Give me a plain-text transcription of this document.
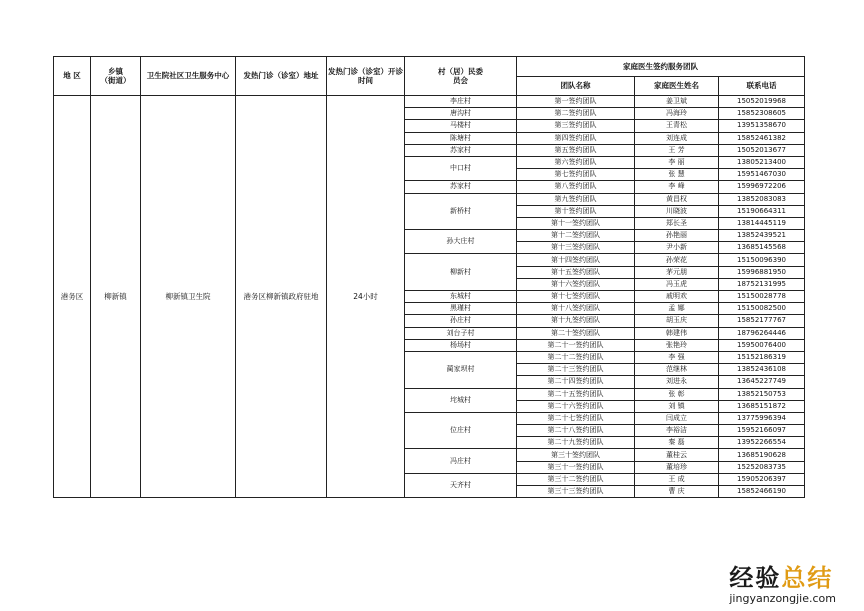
地 区	乡镇
（街道）	卫生院社区卫生服务中心	发热门诊（诊室）地址	发热门诊（诊室）开诊时间	村（居）民委员会	家庭医生签约服务团队		
						团队名称	家庭医生姓名	联系电话
港务区	柳新镇	柳新镇卫生院	港务区柳新镇政府驻地	24小时	李庄村	第一签约团队	姜卫斌	15052019968
					唐沟村	第二签约团队	冯海玲	15852308605
					马楼村	第三签约团队	王青松	13951358670
					陈塘村	第四签约团队	刘连成	15852461382
					苏家村	第五签约团队	王 芳	15052013677
					中口村	第六签约团队	李 丽	13805213400
						第七签约团队	张 慧	15951467030
					苏家村	第八签约团队	李 峰	15996972206
					新桥村	第九签约团队	黄昌权	13852083083
						第十签约团队	川晓波	15190664311
						第十一签约团队	郑长圣	13814445119
					孙大庄村	第十二签约团队	孙艳丽	13852439521
						第十三签约团队	尹小新	13685145568
					柳新村	第十四签约团队	孙荣花	15150096390
						第十五签约团队	茅元朋	15996881950
						第十六签约团队	冯玉虎	18752131995
					东城村	第十七签约团队	戚明欢	15150028778
					黑瑾村	第十八签约团队	孟 娜	15150082500
					孙庄村	第十九签约团队	胡玉庆	15852177767
					刘台子村	第二十签约团队	韩建伟	18796264446
					杨场村	第二十一签约团队	张艳玲	15950076400
					蔺家坝村	第二十二签约团队	李 强	15152186319
						第二十三签约团队	范继林	13852436108
						第二十四签约团队	刘进永	13645227749
					垞城村	第二十五签约团队	张 彰	13852150753
						第二十六签约团队	刘 镇	13685151872
					位庄村	第二十七签约团队	闫成立	13775996394
						第二十八签约团队	李裕洁	15952166097
						第二十九签约团队	秦 磊	13952266554
					冯庄村	第三十签约团队	董桂云	13685190628
						第三十一签约团队	董培珍	15252083735
					天齐村	第三十二签约团队	王 成	15905206397
						第三十三签约团队	曹 庆	15852466190
经验总结
jingyanzongjie.com
